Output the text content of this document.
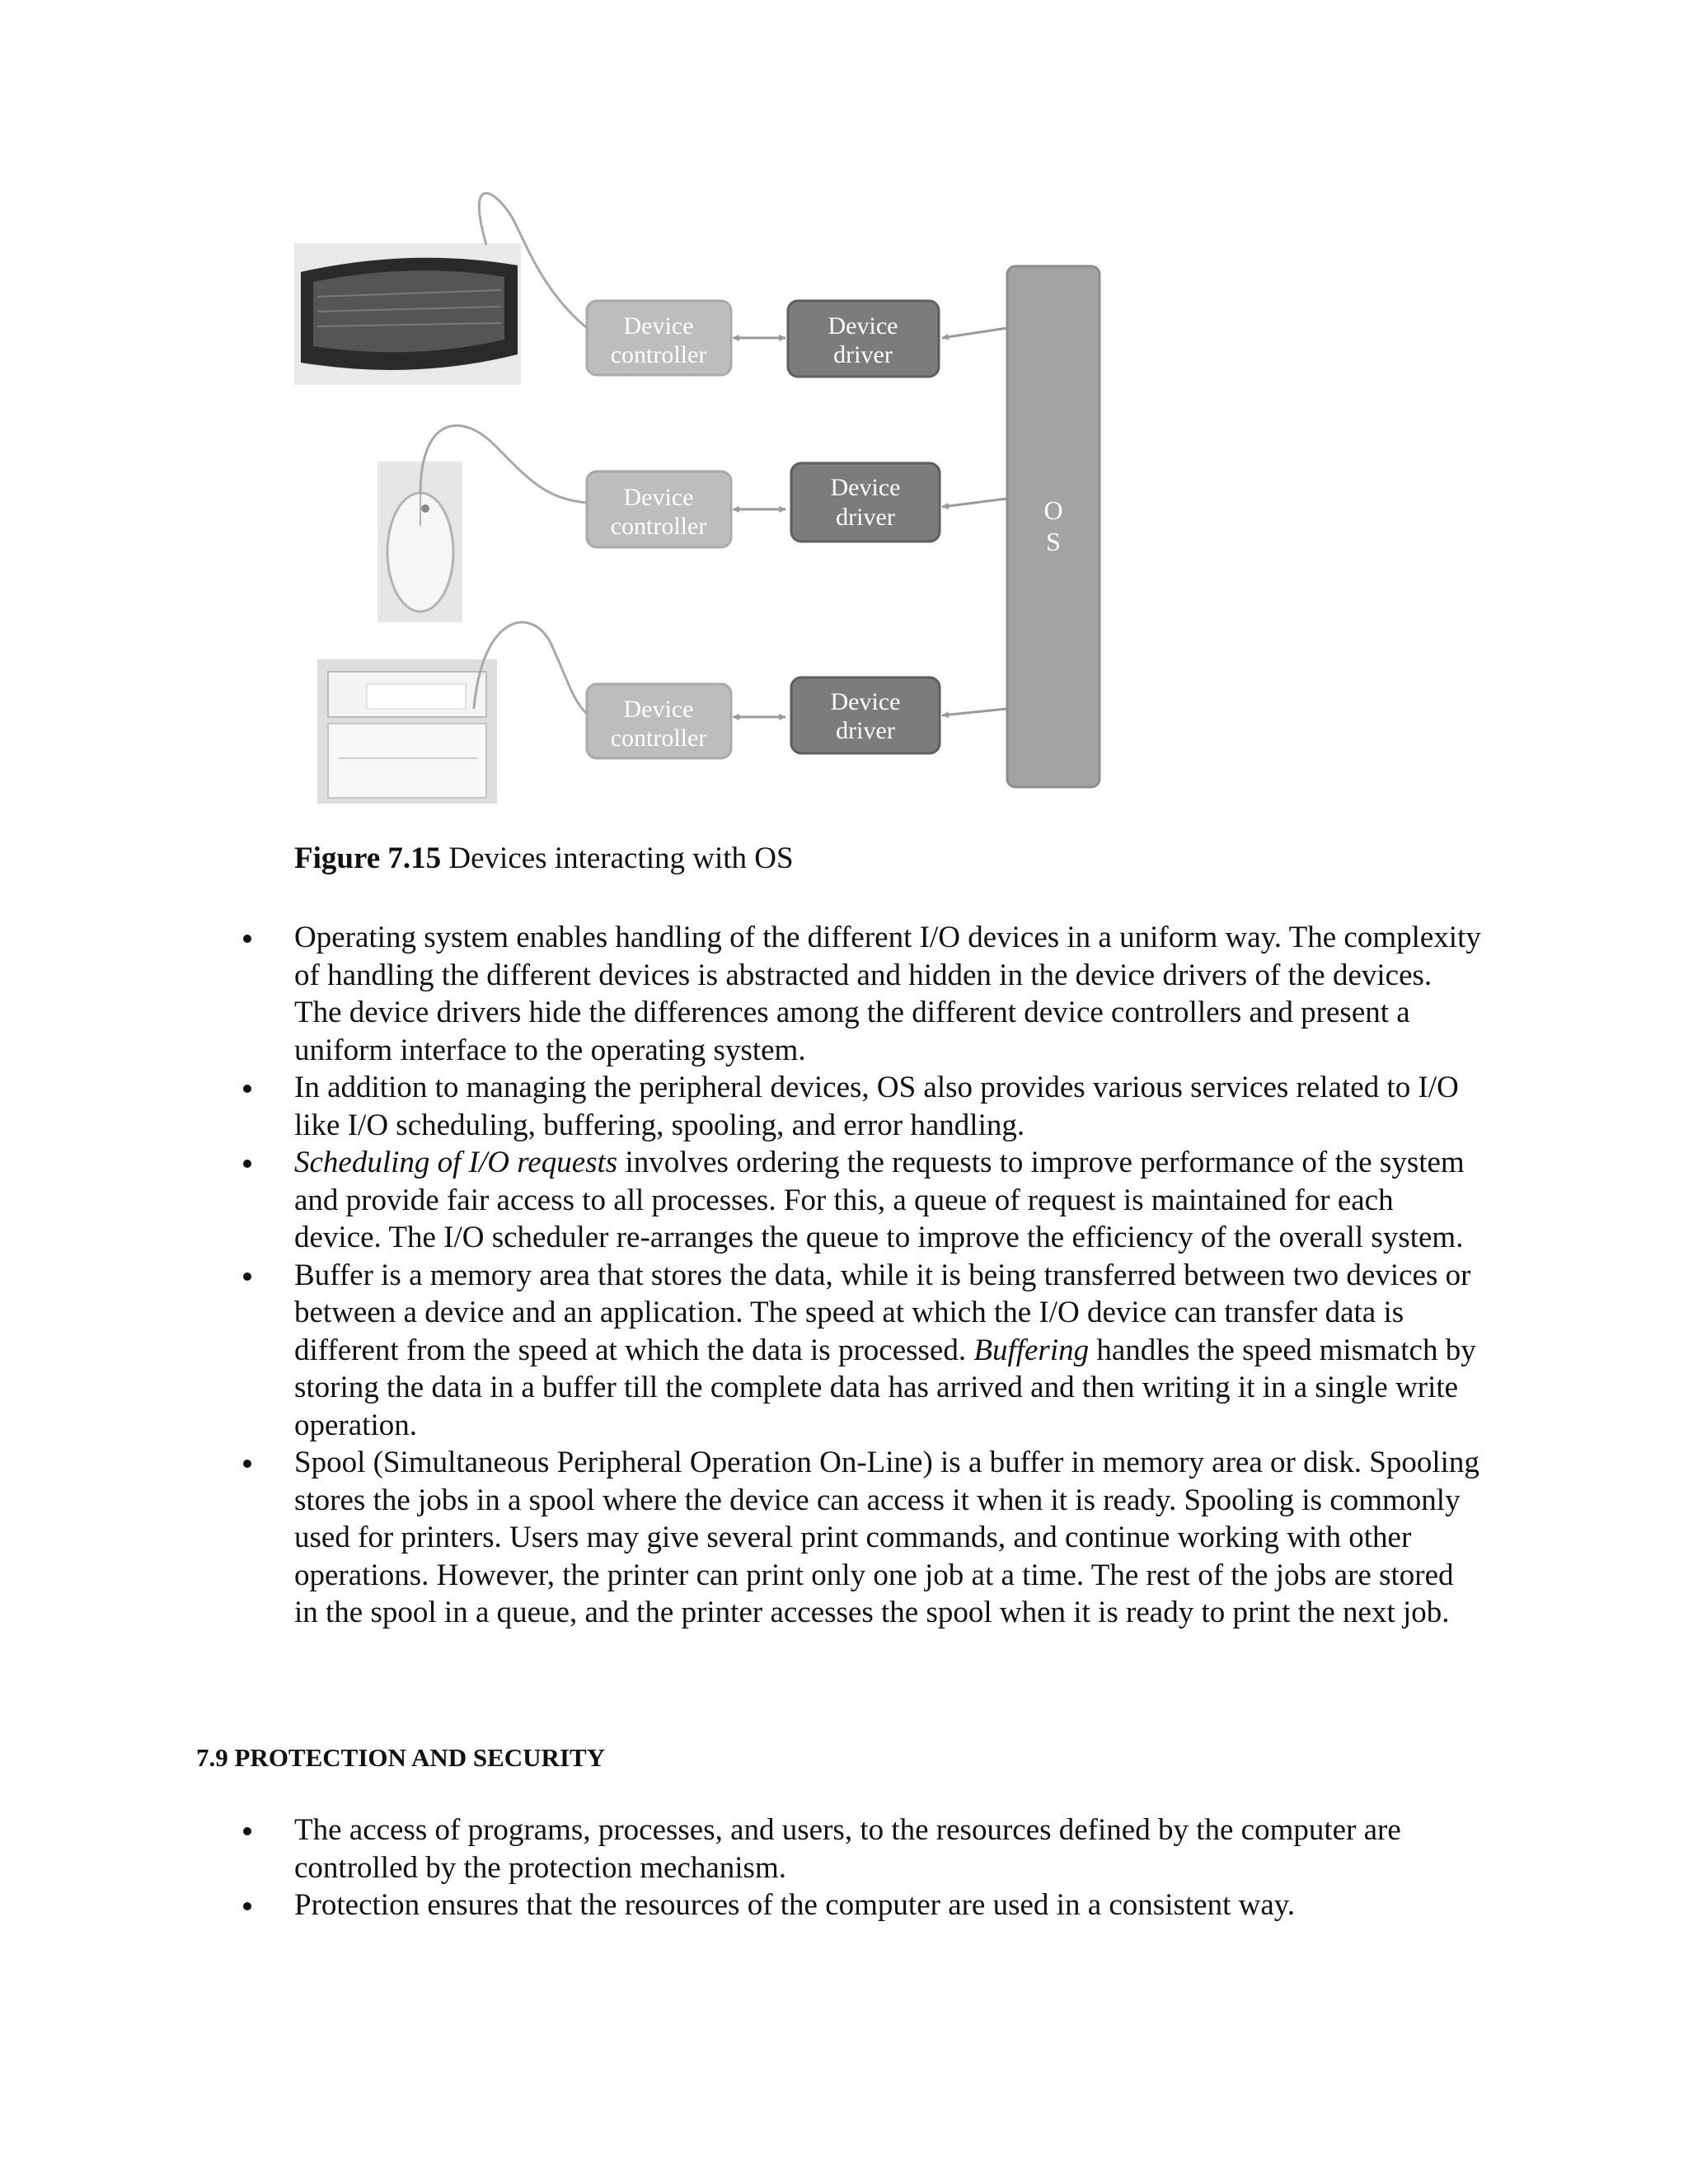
Device
controller
Device
controller
Device
controller
Device
driver
Device
driver
Device
driver
O
S
Figure 7.15 Devices interacting with OS
Operating system enables handling of the different I/O devices in a uniform way. The complexity of handling the different devices is abstracted and hidden in the device drivers of the devices. The device drivers hide the differences among the different device controllers and present a uniform interface to the operating system.
In addition to managing the peripheral devices, OS also provides various services related to I/O like I/O scheduling, buffering, spooling, and error handling.
Scheduling of I/O requests involves ordering the requests to improve performance of the system and provide fair access to all processes. For this, a queue of request is maintained for each device. The I/O scheduler re-arranges the queue to improve the efficiency of the overall system.
Buffer is a memory area that stores the data, while it is being transferred between two devices or between a device and an application. The speed at which the I/O device can transfer data is different from the speed at which the data is processed. Buffering handles the speed mismatch by storing the data in a buffer till the complete data has arrived and then writing it in a single write operation.
Spool (Simultaneous Peripheral Operation On-Line) is a buffer in memory area or disk. Spooling stores the jobs in a spool where the device can access it when it is ready. Spooling is commonly used for printers. Users may give several print commands, and continue working with other operations. However, the printer can print only one job at a time. The rest of the jobs are stored in the spool in a queue, and the printer accesses the spool when it is ready to print the next job.
7.9 PROTECTION AND SECURITY
The access of programs, processes, and users, to the resources defined by the computer are controlled by the protection mechanism.
Protection ensures that the resources of the computer are used in a consistent way.
